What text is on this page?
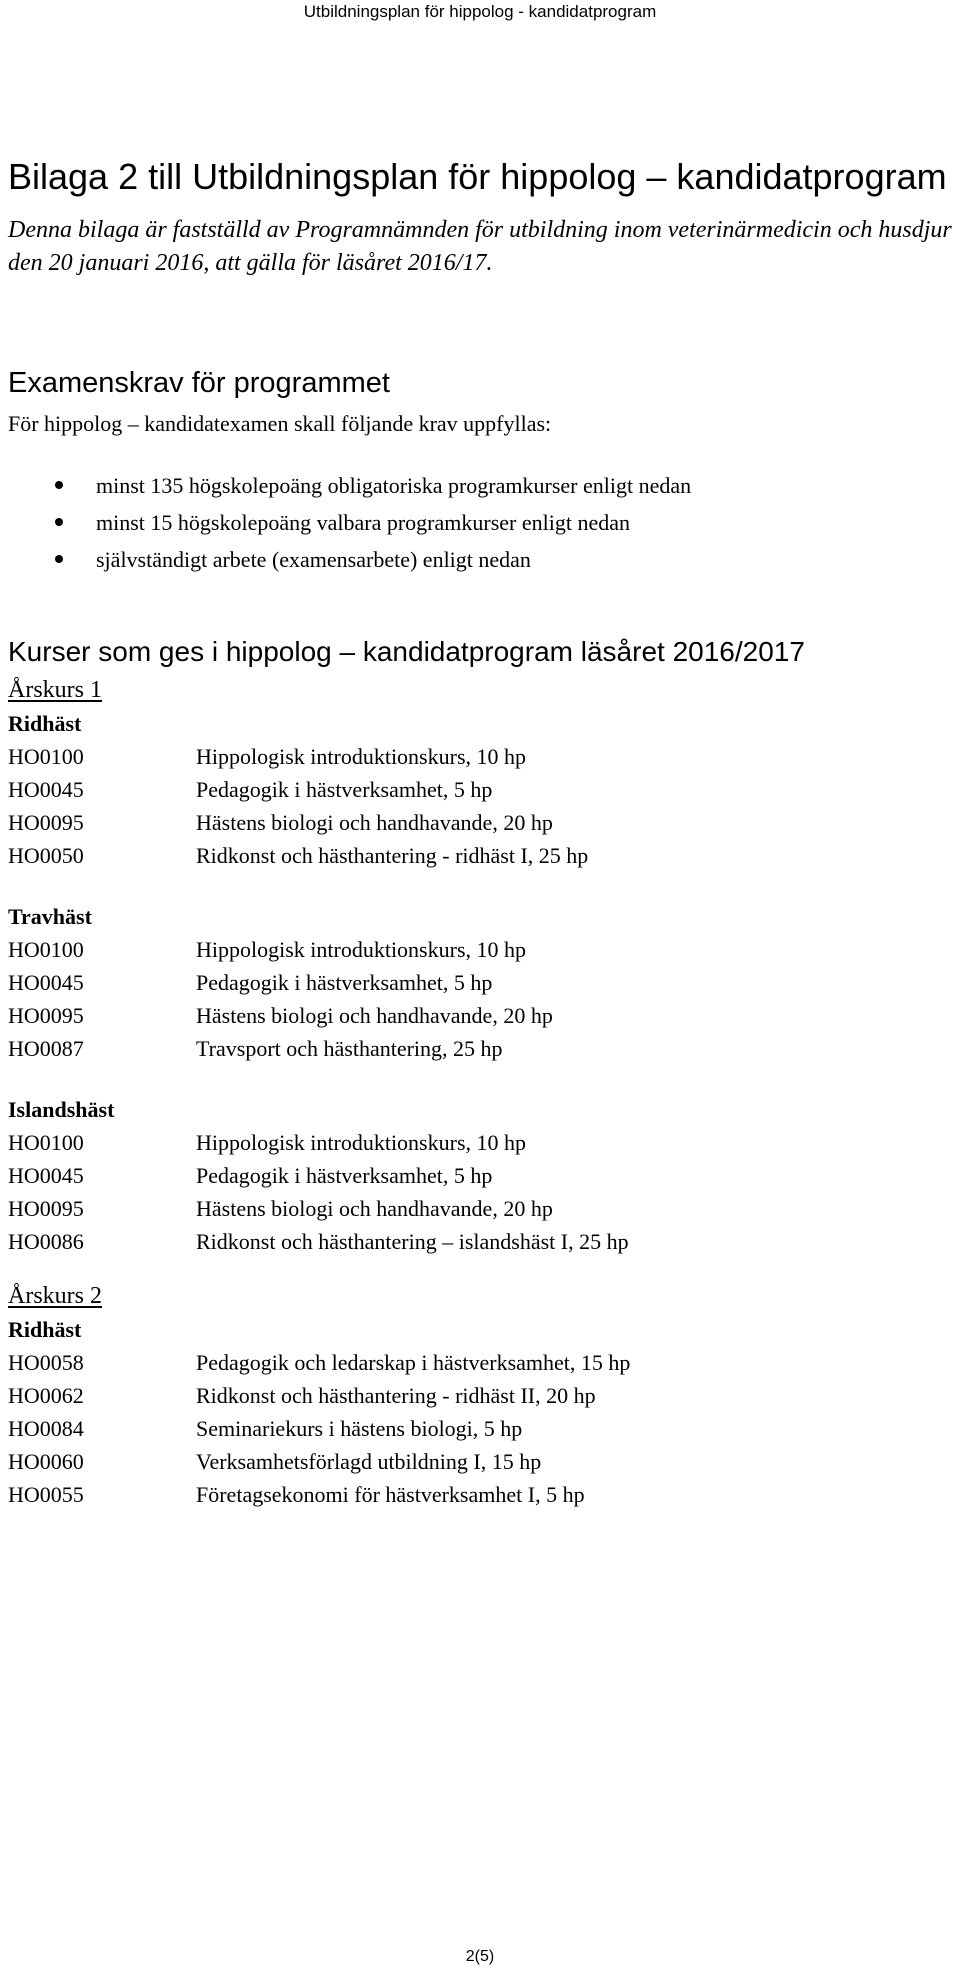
Utbildningsplan för hippolog - kandidatprogram
Bilaga 2 till Utbildningsplan för hippolog – kandidatprogram

Denna bilaga är fastställd av Programnämnden för utbildning inom veterinärmedicin och husdjur den 20 januari 2016, att gälla för läsåret 2016/17.

Examenskrav för programmet

För hippolog – kandidatexamen skall följande krav uppfyllas:

minst 135 högskolepoäng obligatoriska programkurser enligt nedan
minst 15 högskolepoäng valbara programkurser enligt nedan
självständigt arbete (examensarbete) enligt nedan
Kurser som ges i hippolog – kandidatprogram läsåret 2016/2017
Årskurs 1
Ridhäst
HO0100	Hippologisk introduktionskurs, 10 hp
HO0045	Pedagogik i hästverksamhet, 5 hp
HO0095	Hästens biologi och handhavande, 20 hp
HO0050	Ridkonst och hästhantering - ridhäst I, 25 hp
Travhäst
HO0100	Hippologisk introduktionskurs, 10 hp
HO0045	Pedagogik i hästverksamhet, 5 hp
HO0095	Hästens biologi och handhavande, 20 hp
HO0087	Travsport och hästhantering, 25 hp
Islandshäst
HO0100	Hippologisk introduktionskurs, 10 hp
HO0045	Pedagogik i hästverksamhet, 5 hp
HO0095	Hästens biologi och handhavande, 20 hp
HO0086	Ridkonst och hästhantering – islandshäst I, 25 hp
Årskurs 2
Ridhäst
HO0058	Pedagogik och ledarskap i hästverksamhet, 15 hp
HO0062	Ridkonst och hästhantering - ridhäst II, 20 hp
HO0084	Seminariekurs i hästens biologi, 5 hp
HO0060	Verksamhetsförlagd utbildning I, 15 hp
HO0055	Företagsekonomi för hästverksamhet I, 5 hp
2(5)
